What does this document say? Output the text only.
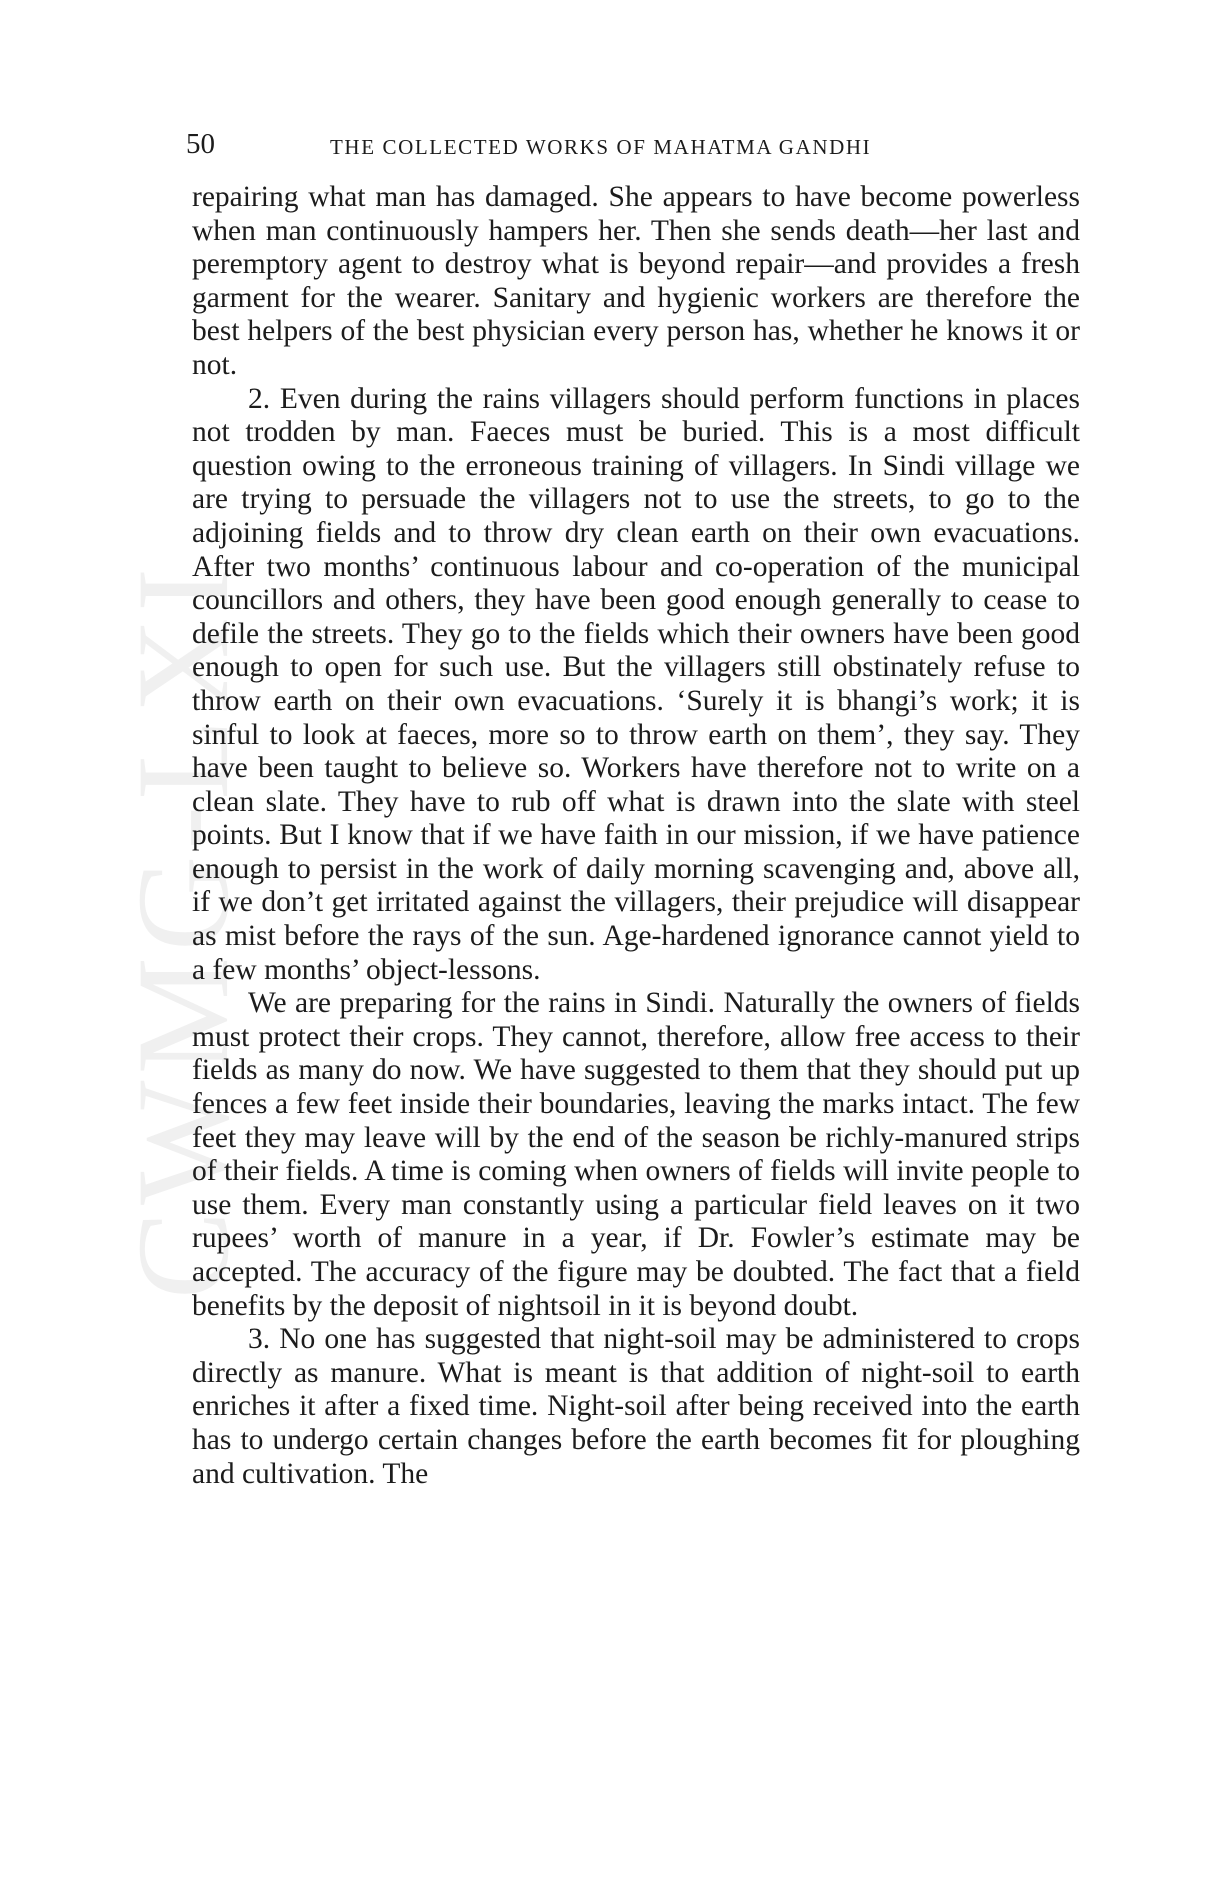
CWMG-LXI
50	THE COLLECTED WORKS OF MAHATMA GANDHI

repairing what man has damaged. She appears to have become powerless when man continuously hampers her. Then she sends death—her last and peremptory agent to destroy what is beyond repair—and provides a fresh garment for the wearer. Sanitary and hygienic workers are therefore the best helpers of the best physician every person has, whether he knows it or not.

2. Even during the rains villagers should perform functions in places not trodden by man. Faeces must be buried. This is a most difficult question owing to the erroneous training of villagers. In Sindi village we are trying to persuade the villagers not to use the streets, to go to the adjoining fields and to throw dry clean earth on their own evacuations. After two months’ continuous labour and co-operation of the municipal councillors and others, they have been good enough generally to cease to defile the streets. They go to the fields which their owners have been good enough to open for such use. But the villagers still obstinately refuse to throw earth on their own evacuations. ‘Surely it is bhangi’s work; it is sinful to look at faeces, more so to throw earth on them’, they say. They have been taught to believe so. Workers have therefore not to write on a clean slate. They have to rub off what is drawn into the slate with steel points. But I know that if we have faith in our mission, if we have patience enough to persist in the work of daily morning scavenging and, above all, if we don’t get irritated against the villagers, their prejudice will disappear as mist before the rays of the sun. Age-hardened ignorance cannot yield to a few months’ object-lessons.

We are preparing for the rains in Sindi. Naturally the owners of fields must protect their crops. They cannot, therefore, allow free access to their fields as many do now. We have suggested to them that they should put up fences a few feet inside their boundaries, leaving the marks intact. The few feet they may leave will by the end of the season be richly-manured strips of their fields. A time is coming when owners of fields will invite people to use them. Every man constantly using a particular field leaves on it two rupees’ worth of manure in a year, if Dr. Fowler’s estimate may be accepted. The accuracy of the figure may be doubted. The fact that a field benefits by the deposit of nightsoil in it is beyond doubt.

3. No one has suggested that night-soil may be administered to crops directly as manure. What is meant is that addition of night-soil to earth enriches it after a fixed time. Night-soil after being received into the earth has to undergo certain changes before the earth becomes fit for ploughing and cultivation. The
